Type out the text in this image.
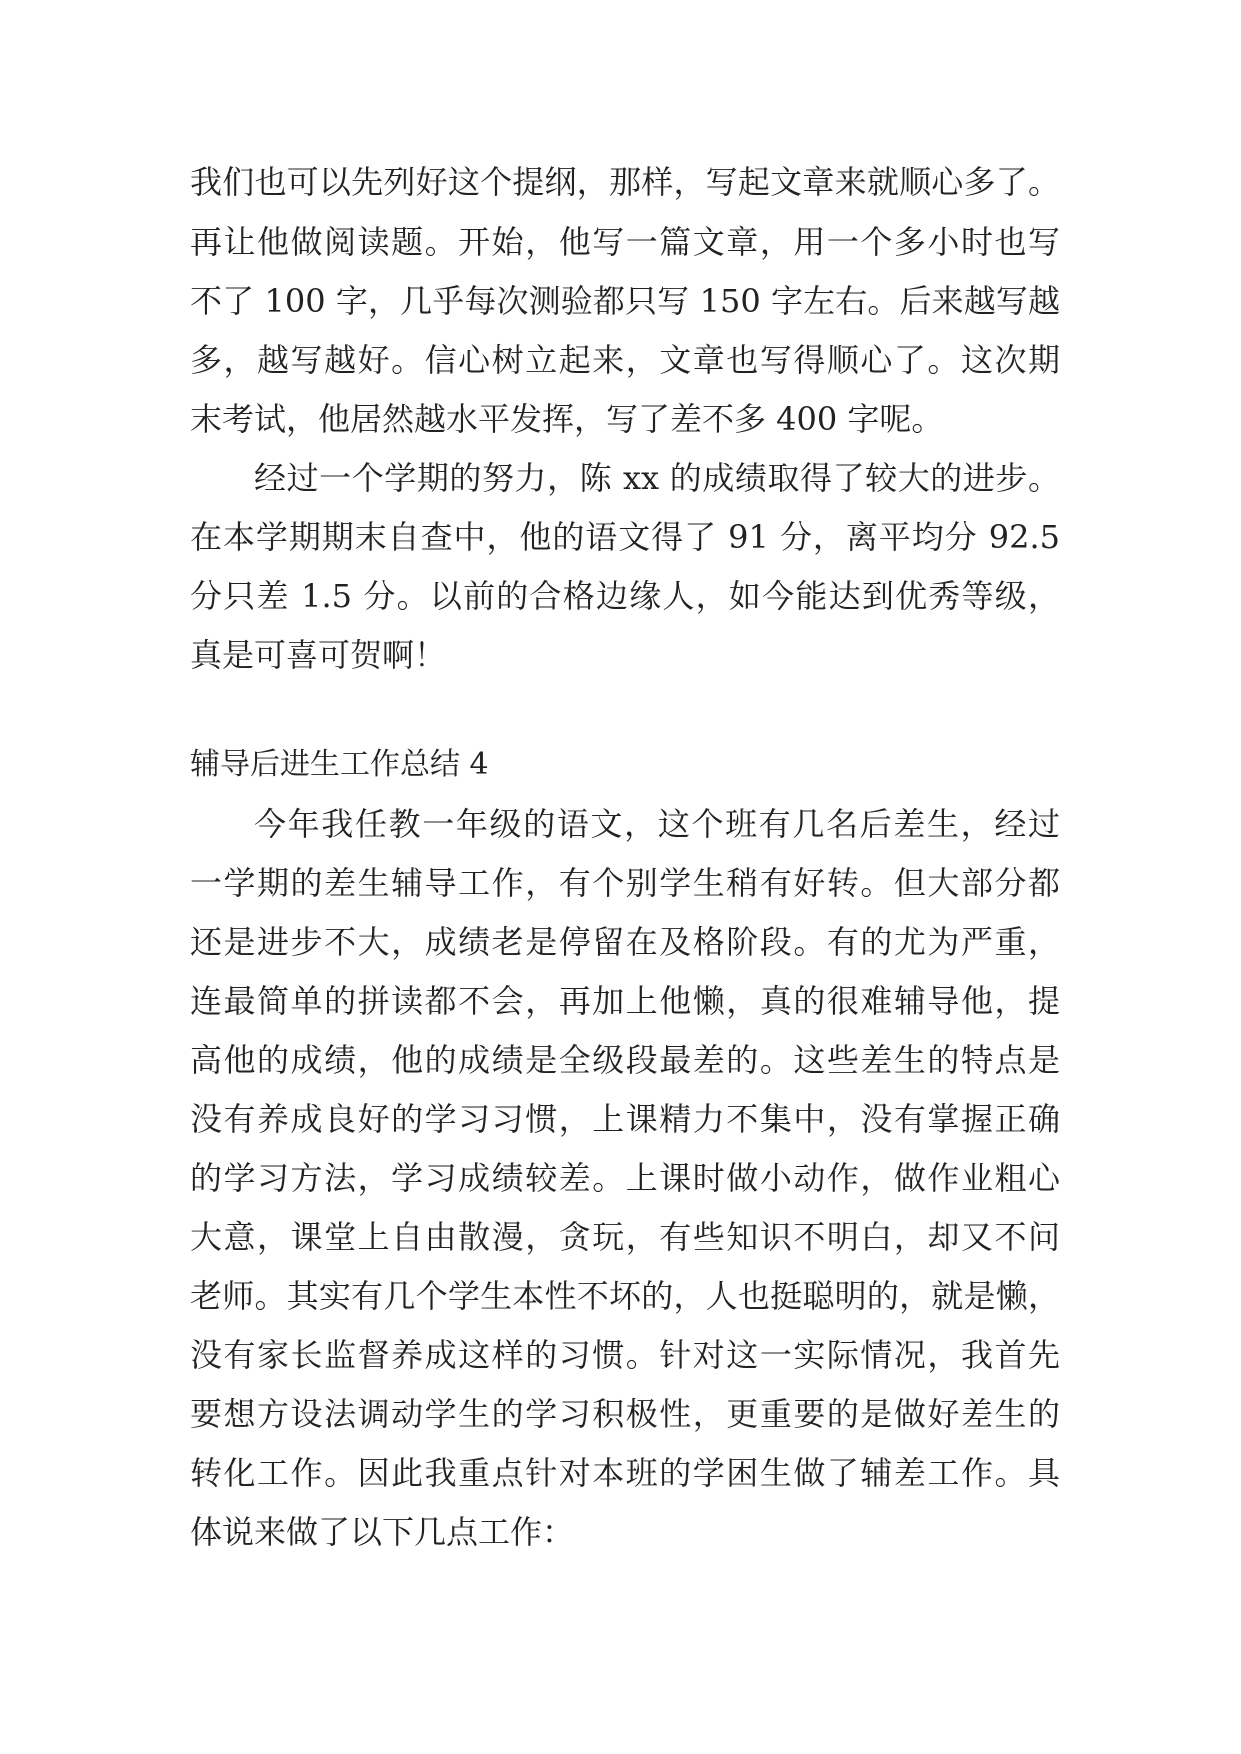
我们也可以先列好这个提纲，那样，写起文章来就顺心多了。
再让他做阅读题。开始，他写一篇文章，用一个多小时也写
不了 100 字，几乎每次测验都只写 150 字左右。后来越写越
多，越写越好。信心树立起来，文章也写得顺心了。这次期
末考试，他居然越水平发挥，写了差不多 400 字呢。
经过一个学期的努力，陈 xx 的成绩取得了较大的进步。
在本学期期末自查中，他的语文得了 91 分，离平均分 92.5
分只差 1.5 分。以前的合格边缘人，如今能达到优秀等级，
真是可喜可贺啊！
辅导后进生工作总结 4
今年我任教一年级的语文，这个班有几名后差生，经过
一学期的差生辅导工作，有个别学生稍有好转。但大部分都
还是进步不大，成绩老是停留在及格阶段。有的尤为严重，
连最简单的拼读都不会，再加上他懒，真的很难辅导他，提
高他的成绩，他的成绩是全级段最差的。这些差生的特点是
没有养成良好的学习习惯，上课精力不集中，没有掌握正确
的学习方法，学习成绩较差。上课时做小动作，做作业粗心
大意，课堂上自由散漫，贪玩，有些知识不明白，却又不问
老师。其实有几个学生本性不坏的，人也挺聪明的，就是懒，
没有家长监督养成这样的习惯。针对这一实际情况，我首先
要想方设法调动学生的学习积极性，更重要的是做好差生的
转化工作。因此我重点针对本班的学困生做了辅差工作。具
体说来做了以下几点工作：
